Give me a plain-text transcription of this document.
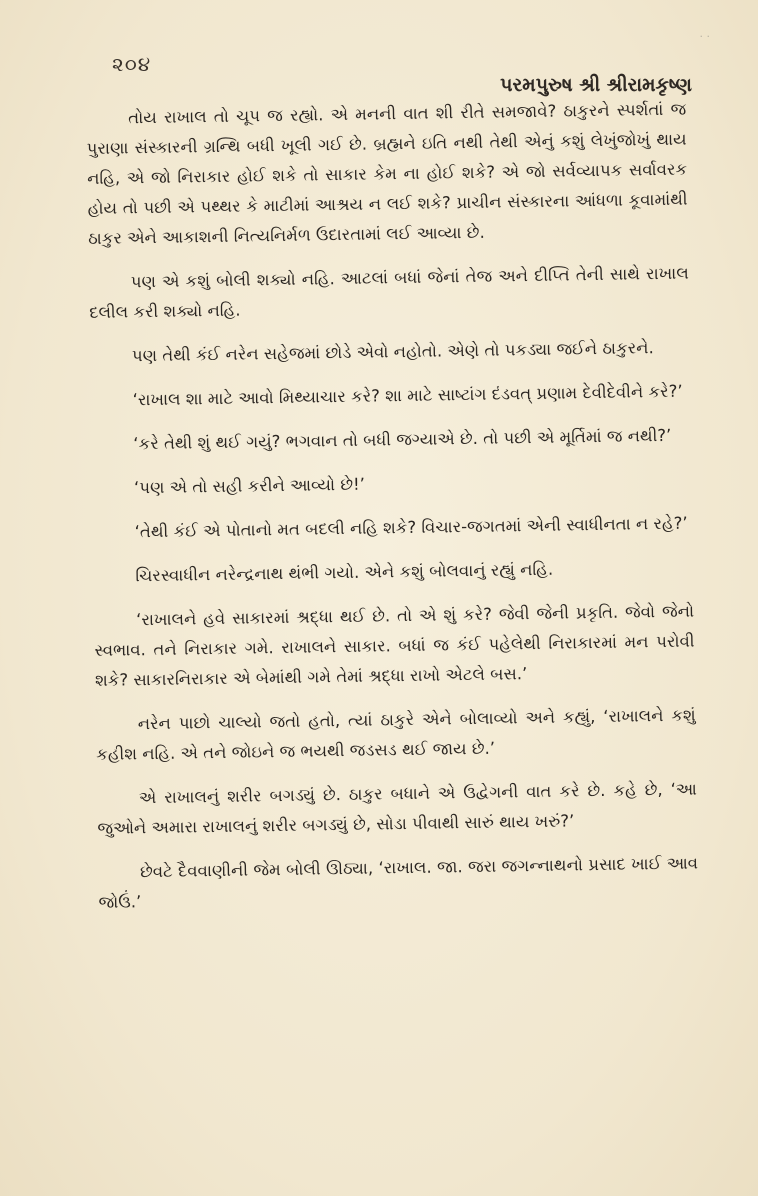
· ·
૨૦૪
પરમપુરુષ શ્રી શ્રીરામકૃષ્ણ

તોય રાખાલ તો ચૂપ જ રહ્યો. એ મનની વાત શી રીતે સમજાવે? ઠાકુરને સ્પર્શતાં જ પુરાણા સંસ્કારની ગ્રન્થિ બધી ખૂલી ગઈ છે. બ્રહ્મને ઇતિ નથી તેથી એનું કશું લેખુંજોખું થાય નહિ, એ જો નિરાકાર હોઈ શકે તો સાકાર કેમ ના હોઈ શકે? એ જો સર્વવ્યાપક સર્વાવરક હોય તો પછી એ પથ્થર કે માટીમાં આશ્રય ન લઈ શકે? પ્રાચીન સંસ્કારના આંધળા કૂવામાંથી ઠાકુર એને આકાશની નિત્યનિર્મળ ઉદારતામાં લઈ આવ્યા છે.

પણ એ કશું બોલી શક્યો નહિ. આટલાં બધાં જેનાં તેજ અને દીપ્તિ તેની સાથે રાખાલ દલીલ કરી શક્યો નહિ.

પણ તેથી કંઈ નરેન સહેજમાં છોડે એવો નહોતો. એણે તો પકડ્યા જઈને ઠાકુરને.

‘રાખાલ શા માટે આવો મિથ્યાચાર કરે? શા માટે સાષ્ટાંગ દંડવત્ પ્રણામ દેવીદેવીને કરે?’

‘કરે તેથી શું થઈ ગયું? ભગવાન તો બધી જગ્યાએ છે. તો પછી એ મૂર્તિમાં જ નથી?’

‘પણ એ તો સહી કરીને આવ્યો છે!’

‘તેથી કંઈ એ પોતાનો મત બદલી નહિ શકે? વિચાર-જગતમાં એની સ્વાધીનતા ન રહે?’

ચિરસ્વાધીન નરેન્દ્રનાથ થંભી ગયો. એને કશું બોલવાનું રહ્યું નહિ.

‘રાખાલને હવે સાકારમાં શ્રદ્ધા થઈ છે. તો એ શું કરે? જેવી જેની પ્રકૃતિ. જેવો જેનો સ્વભાવ. તને નિરાકાર ગમે. રાખાલને સાકાર. બધાં જ કંઈ પહેલેથી નિરાકારમાં મન પરોવી શકે? સાકારનિરાકાર એ બેમાંથી ગમે તેમાં શ્રદ્ધા રાખો એટલે બસ.’

નરેન પાછો ચાલ્યો જતો હતો, ત્યાં ઠાકુરે એને બોલાવ્યો અને કહ્યું, ‘રાખાલને કશું કહીશ નહિ. એ તને જોઇને જ ભયથી જડસડ થઈ જાય છે.’

એ રાખાલનું શરીર બગડ્યું છે. ઠાકુર બધાને એ ઉદ્વેગની વાત કરે છે. કહે છે, ‘આ જુઓને અમારા રાખાલનું શરીર બગડ્યું છે, સોડા પીવાથી સારું થાય ખરું?’

છેવટે દૈવવાણીની જેમ બોલી ઊઠ્યા, ‘રાખાલ. જા. જરા જગન્નાથનો પ્રસાદ ખાઈ આવ જોઉં.’
